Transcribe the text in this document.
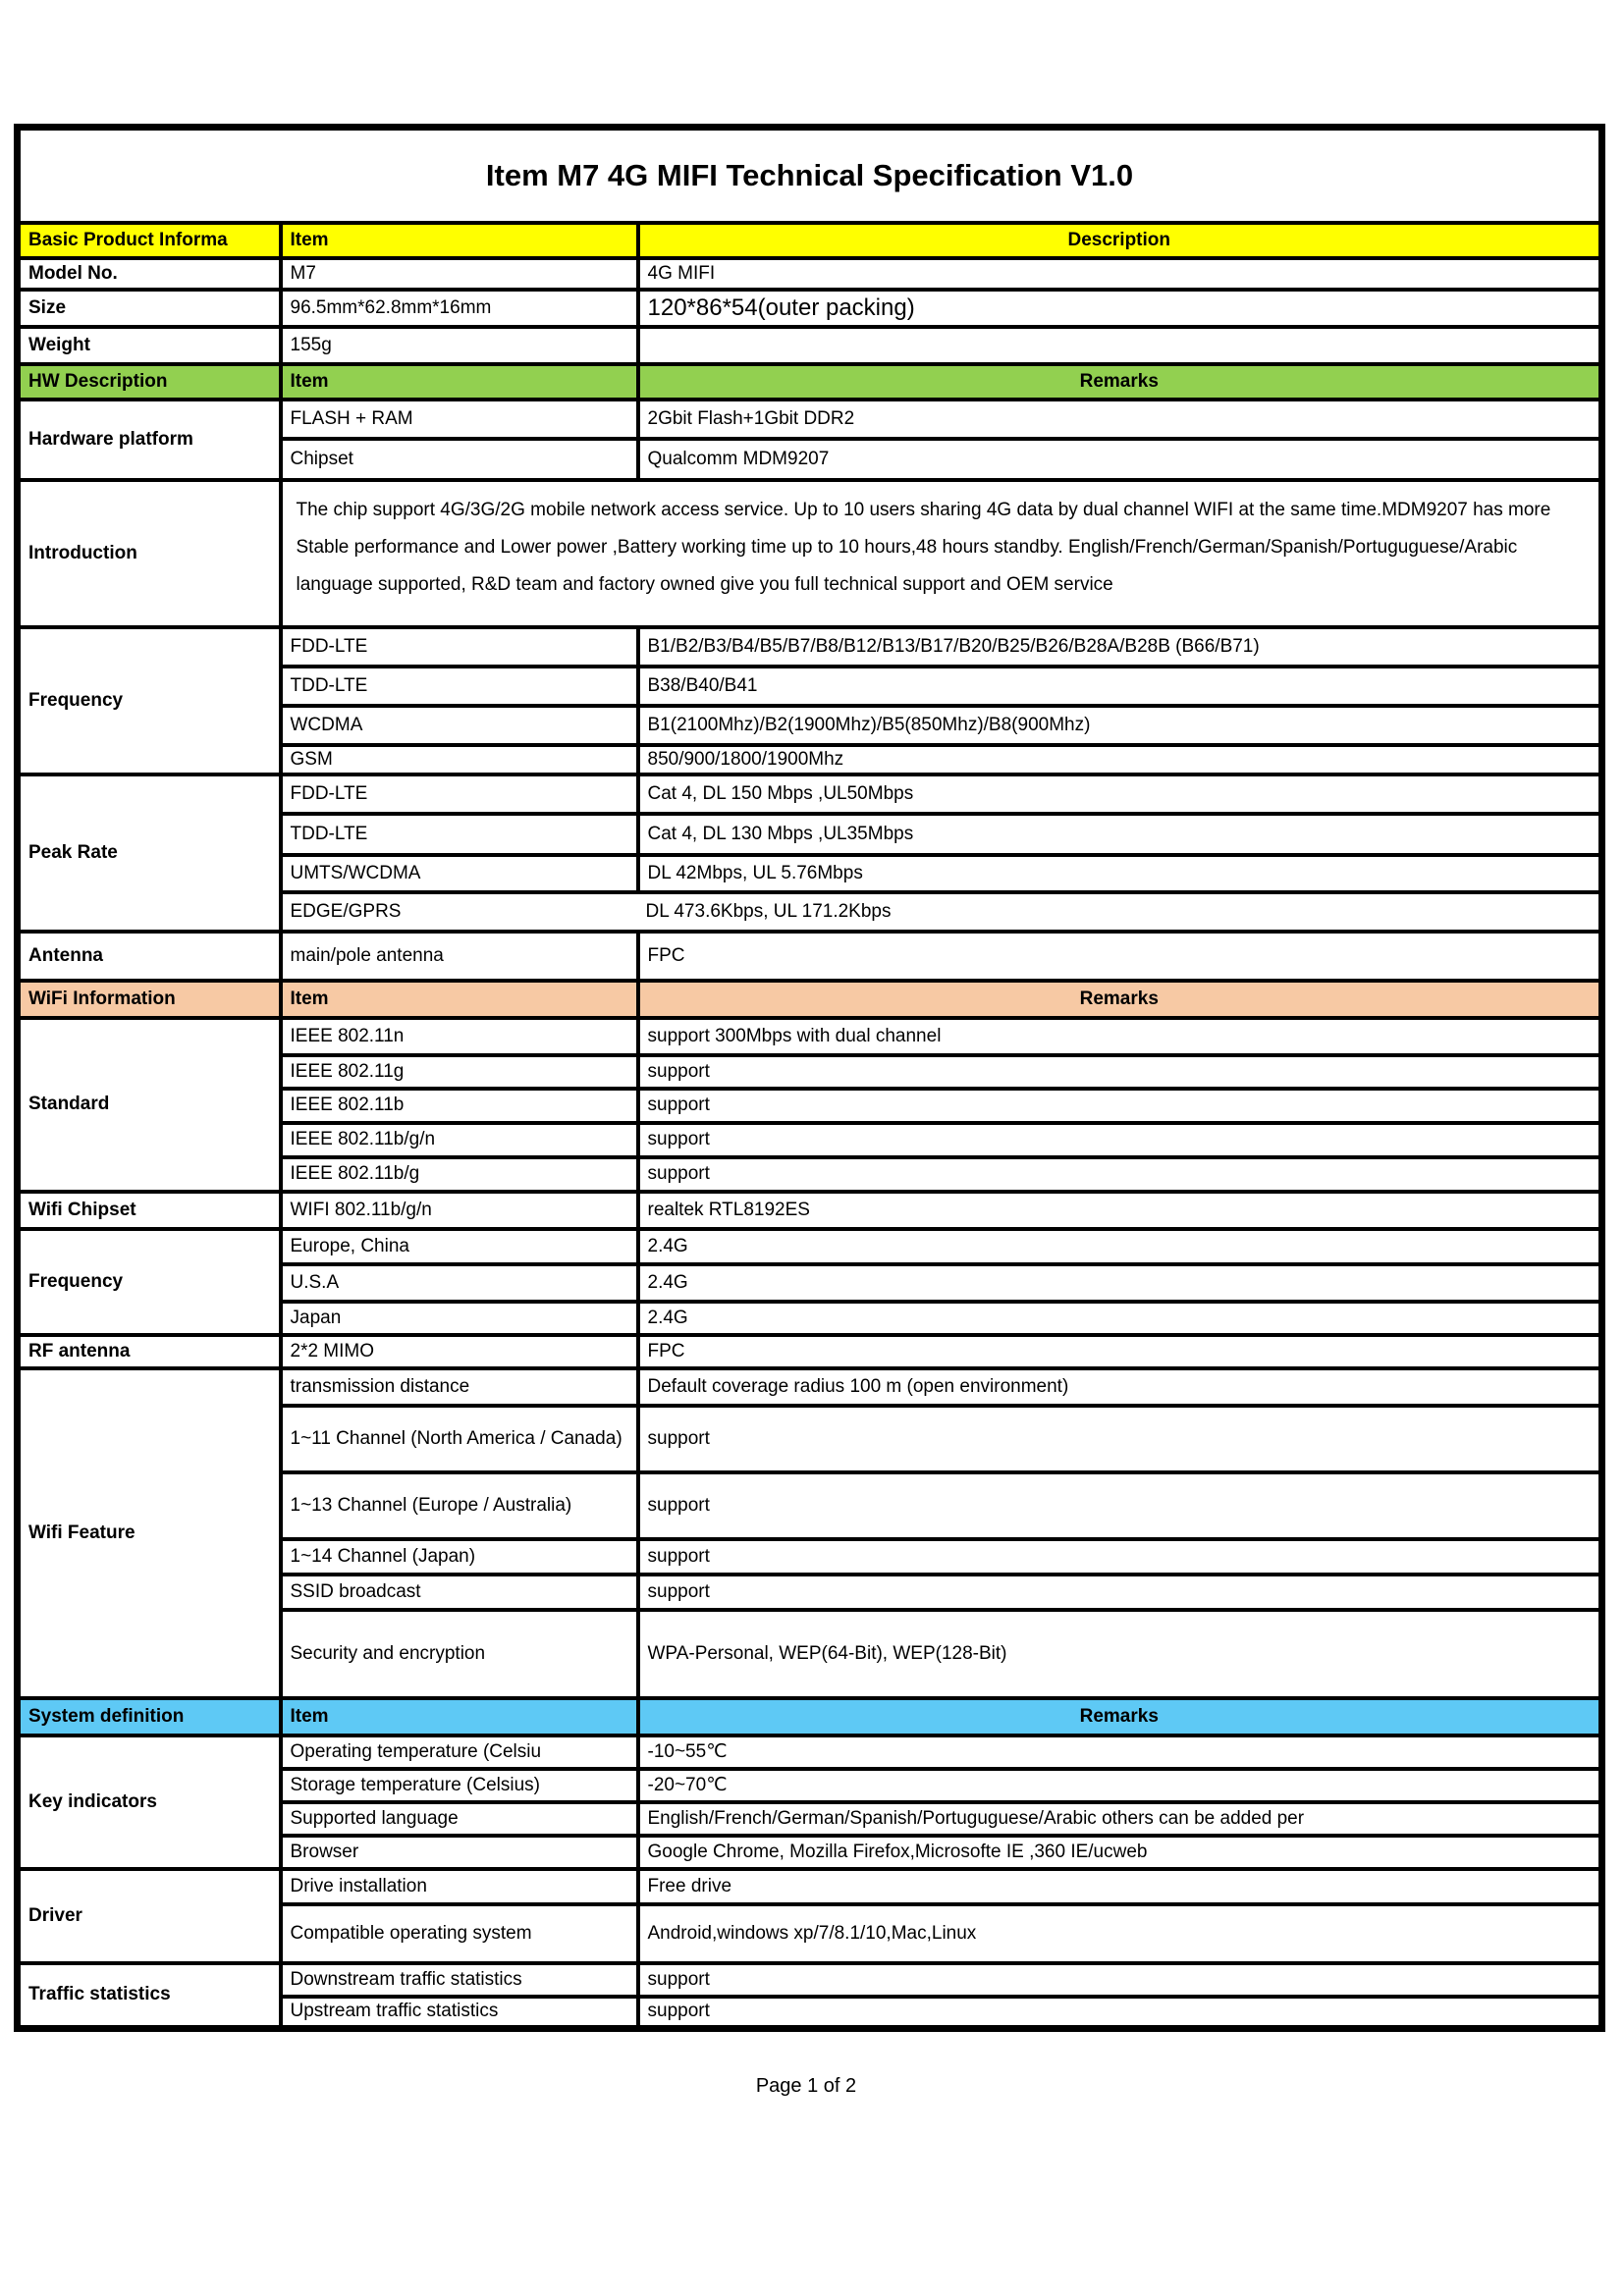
Item M7 4G MIFI Technical Specification V1.0		
Basic Product Informa	Item	Description
Model No.	M7	4G MIFI
Size	96.5mm*62.8mm*16mm	120*86*54(outer packing)
Weight	155g	
HW Description	Item	Remarks
Hardware platform	FLASH + RAM	2Gbit Flash+1Gbit DDR2
	Chipset	Qualcomm MDM9207
Introduction	The chip support 4G/3G/2G mobile network access service. Up to 10 users sharing 4G data by dual channel WIFI at the same time.MDM9207 has more Stable performance and Lower power ,Battery working time up to 10 hours,48 hours standby. English/French/German/Spanish/Portuguguese/Arabic language supported, R&D team and factory owned give you full technical support and OEM service	
Frequency	FDD-LTE	B1/B2/B3/B4/B5/B7/B8/B12/B13/B17/B20/B25/B26/B28A/B28B (B66/B71)
	TDD-LTE	B38/B40/B41
	WCDMA	B1(2100Mhz)/B2(1900Mhz)/B5(850Mhz)/B8(900Mhz)
	GSM	850/900/1800/1900Mhz
Peak Rate	FDD-LTE	Cat 4, DL 150 Mbps ,UL50Mbps
	TDD-LTE	Cat 4, DL 130 Mbps ,UL35Mbps
	UMTS/WCDMA	DL 42Mbps, UL 5.76Mbps
	EDGE/GPRS	DL 473.6Kbps, UL 171.2Kbps
Antenna	main/pole antenna	FPC
WiFi Information	Item	Remarks
Standard	IEEE 802.11n	support 300Mbps with dual channel
	IEEE 802.11g	support
	IEEE 802.11b	support
	IEEE 802.11b/g/n	support
	IEEE 802.11b/g	support
Wifi Chipset	WIFI 802.11b/g/n	realtek RTL8192ES
Frequency	Europe, China	2.4G
	U.S.A	2.4G
	Japan	2.4G
RF antenna	2*2 MIMO	FPC
Wifi Feature	transmission distance	Default coverage radius 100 m (open environment)
	1~11 Channel (North America / Canada)	support
	1~13 Channel (Europe / Australia)	support
	1~14 Channel (Japan)	support
	SSID broadcast	support
	Security and encryption	WPA-Personal, WEP(64-Bit), WEP(128-Bit)
System definition	Item	Remarks
Key indicators	Operating temperature (Celsiu	-10~55℃
	Storage temperature (Celsius)	-20~70℃
	Supported language	English/French/German/Spanish/Portuguguese/Arabic others can be added per
	Browser	Google Chrome, Mozilla Firefox,Microsofte IE ,360 IE/ucweb
Driver	Drive installation	Free drive
	Compatible operating system	Android,windows xp/7/8.1/10,Mac,Linux
Traffic statistics	Downstream traffic statistics	support
	Upstream traffic statistics	support
Page 1 of 2
